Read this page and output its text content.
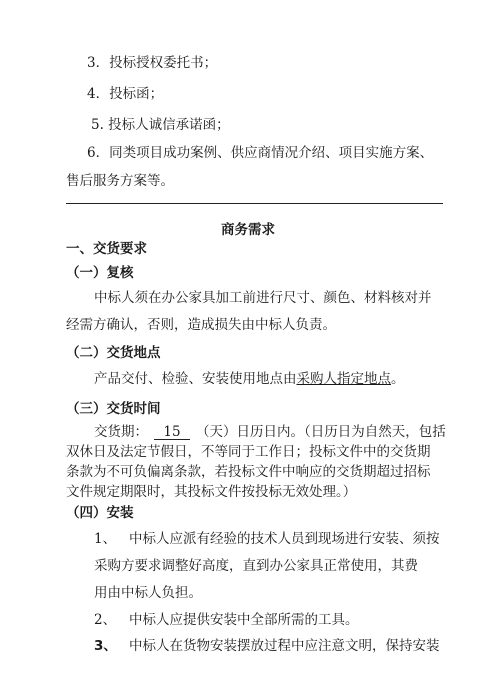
3．投标授权委托书；
4．投标函；
5. 投标人诚信承诺函；
6．同类项目成功案例、供应商情况介绍、项目实施方案、
售后服务方案等。
商务需求
一、交货要求
（一）复核
中标人须在办公家具加工前进行尺寸、颜色、材料核对并
经需方确认，否则，造成损失由中标人负责。
（二）交货地点
产品交付、检验、安装使用地点由采购人指定地点。
（三）交货时间
交货期： 15 （天）日历日内。（日历日为自然天，包括
双休日及法定节假日，不等同于工作日；投标文件中的交货期
条款为不可负偏离条款，若投标文件中响应的交货期超过招标
文件规定期限时，其投标文件按投标无效处理。）
（四）安装
1、 中标人应派有经验的技术人员到现场进行安装、须按
采购方要求调整好高度，直到办公家具正常使用，其费
用由中标人负担。
2、 中标人应提供安装中全部所需的工具。
3、 中标人在货物安装摆放过程中应注意文明，保持安装
